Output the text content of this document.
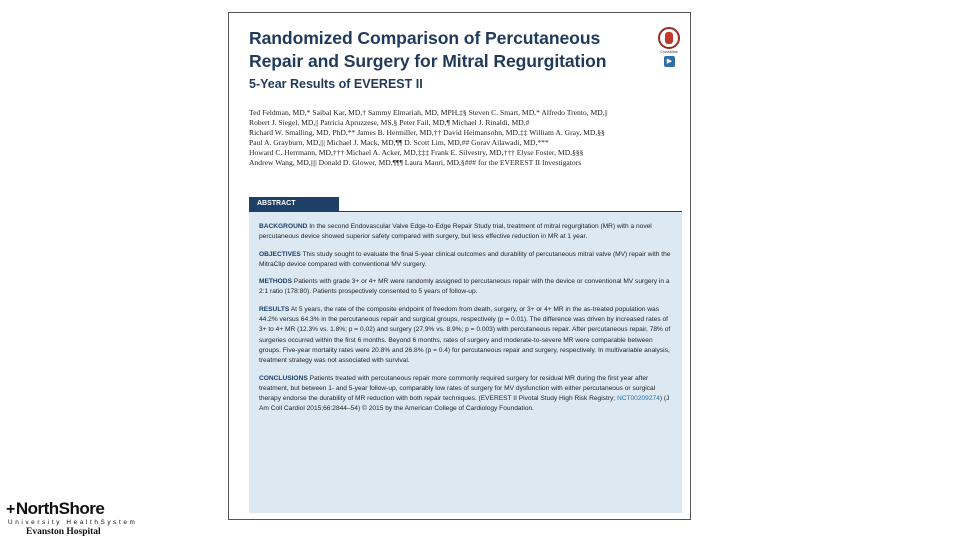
Randomized Comparison of Percutaneous Repair and Surgery for Mitral Regurgitation	CrossMark
▶
5-Year Results of EVEREST II
Ted Feldman, MD,* Saibal Kar, MD,† Sammy Elmariah, MD, MPH,‡§ Steven C. Smart, MD,* Alfredo Trento, MD,||
Robert J. Siegel, MD,|| Patricia Apruzzese, MS,§ Peter Fail, MD,¶ Michael J. Rinaldi, MD,#
Richard W. Smalling, MD, PhD,** James B. Hermiller, MD,†† David Heimansohn, MD,‡‡ William A. Gray, MD,§§
Paul A. Grayburn, MD,||| Michael J. Mack, MD,¶¶ D. Scott Lim, MD,## Gorav Ailawadi, MD,***
Howard C. Herrmann, MD,††† Michael A. Acker, MD,‡‡‡ Frank E. Silvestry, MD,††† Elyse Foster, MD,§§§
Andrew Wang, MD,|||| Donald D. Glower, MD,¶¶¶ Laura Mauri, MD,§### for the EVEREST II Investigators
ABSTRACT
BACKGROUND In the second Endovascular Valve Edge-to-Edge Repair Study trial, treatment of mitral regurgitation (MR) with a novel percutaneous device showed superior safety compared with surgery, but less effective reduction in MR at 1 year.
OBJECTIVES This study sought to evaluate the final 5-year clinical outcomes and durability of percutaneous mitral valve (MV) repair with the MitraClip device compared with conventional MV surgery.
METHODS Patients with grade 3+ or 4+ MR were randomly assigned to percutaneous repair with the device or conventional MV surgery in a 2:1 ratio (178:80). Patients prospectively consented to 5 years of follow-up.
RESULTS At 5 years, the rate of the composite endpoint of freedom from death, surgery, or 3+ or 4+ MR in the as-treated population was 44.2% versus 64.3% in the percutaneous repair and surgical groups, respectively (p = 0.01). The difference was driven by increased rates of 3+ to 4+ MR (12.3% vs. 1.8%; p = 0.02) and surgery (27.9% vs. 8.9%; p = 0.003) with percutaneous repair. After percutaneous repair, 78% of surgeries occurred within the first 6 months. Beyond 6 months, rates of surgery and moderate-to-severe MR were comparable between groups. Five-year mortality rates were 20.8% and 26.8% (p = 0.4) for percutaneous repair and surgery, respectively. In multivariable analysis, treatment strategy was not associated with survival.
CONCLUSIONS Patients treated with percutaneous repair more commonly required surgery for residual MR during the first year after treatment, but between 1- and 5-year follow-up, comparably low rates of surgery for MV dysfunction with either percutaneous or surgical therapy endorse the durability of MR reduction with both repair techniques. (EVEREST II Pivotal Study High Risk Registry; NCT00209274) (J Am Coll Cardiol 2015;66:2844–54) © 2015 by the American College of Cardiology Foundation.
+NorthShore
University HealthSystem
Evanston Hospital
